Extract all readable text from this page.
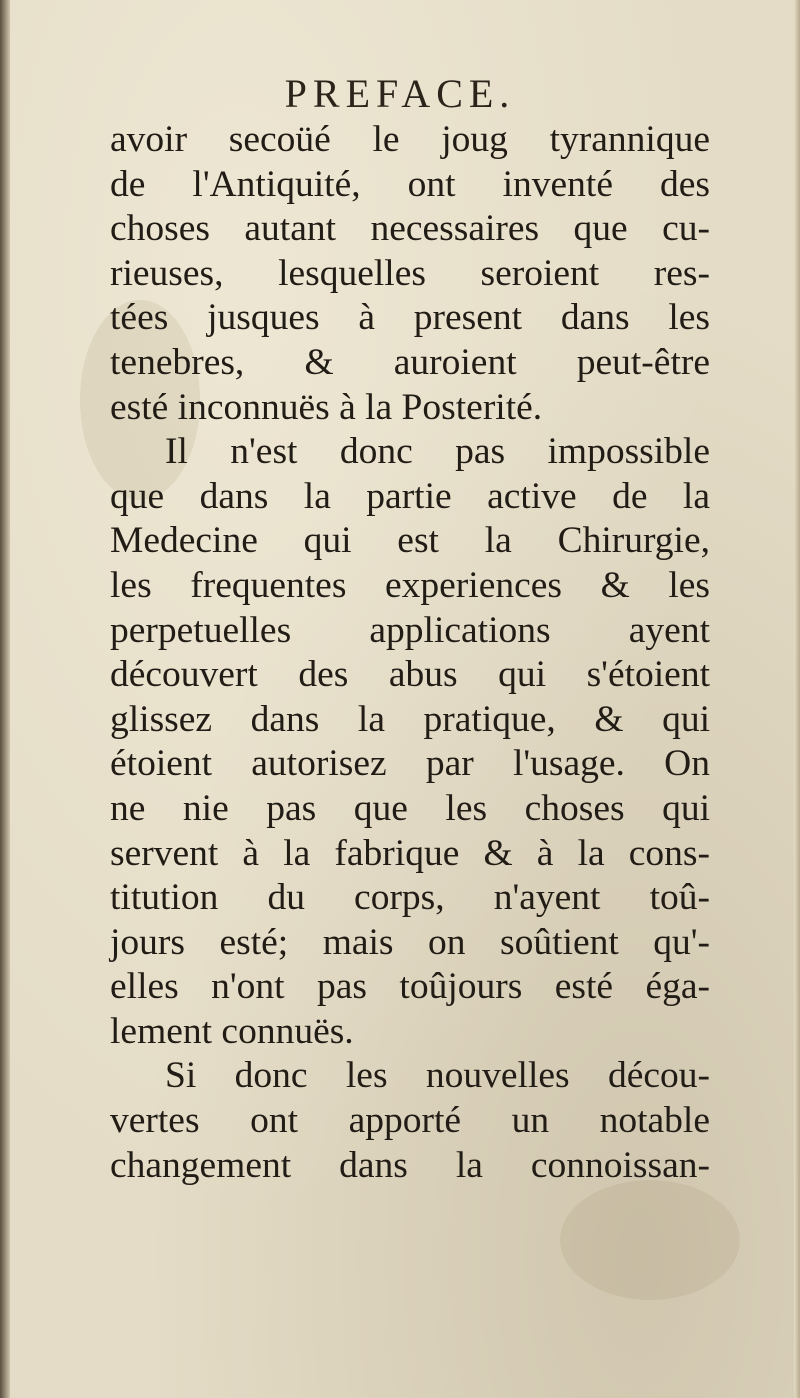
PREFACE.
avoir secoüé le joug tyrannique
de l'Antiquité, ont inventé des
choses autant necessaires que cu-
rieuses, lesquelles seroient res-
tées jusques à present dans les
tenebres, & auroient peut-être
esté inconnuës à la Posterité.
Il n'est donc pas impossible
que dans la partie active de la
Medecine qui est la Chirurgie,
les frequentes experiences & les
perpetuelles applications ayent
découvert des abus qui s'étoient
glissez dans la pratique, & qui
étoient autorisez par l'usage. On
ne nie pas que les choses qui
servent à la fabrique & à la cons-
titution du corps, n'ayent toû-
jours esté; mais on soûtient qu'-
elles n'ont pas toûjours esté éga-
lement connuës.
Si donc les nouvelles décou-
vertes ont apporté un notable
changement dans la connoissan-
